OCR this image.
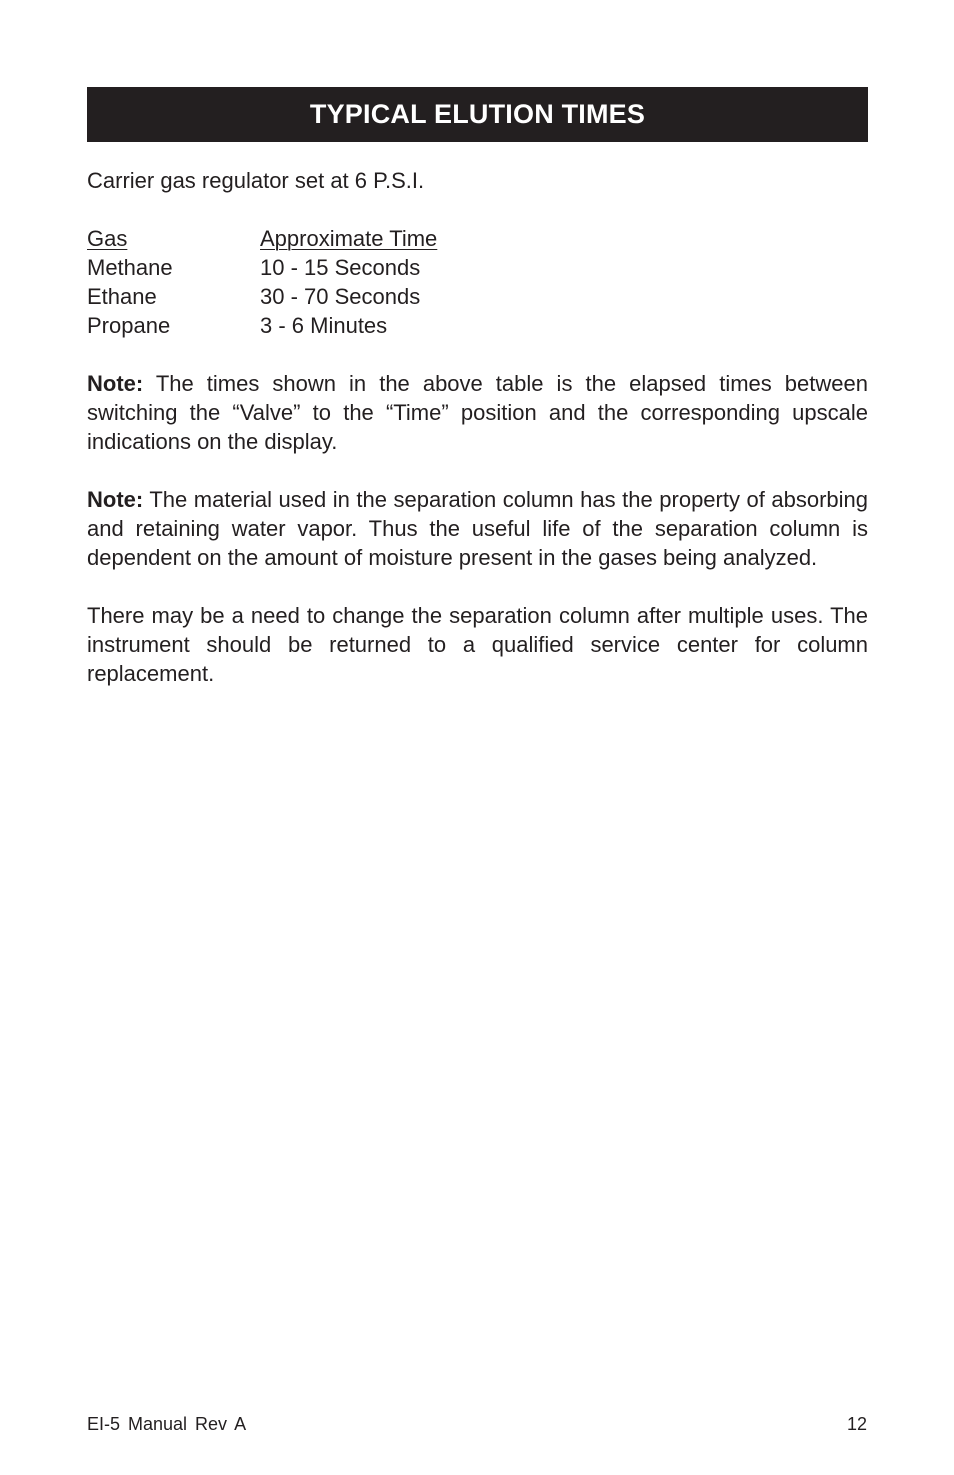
TYPICAL ELUTION TIMES

Carrier gas regulator set at 6 P.S.I.

Gas	Approximate Time
Methane	10 - 15 Seconds
Ethane	30 - 70 Seconds
Propane	3 - 6 Minutes

Note: The times shown in the above table is the elapsed times between switching the “Valve” to the “Time” position and the corresponding upscale indications on the display.

Note: The material used in the separation column has the property of absorbing and retaining water vapor. Thus the useful life of the separation column is dependent on the amount of moisture present in the gases being analyzed.

There may be a need to change the separation column after multiple uses. The instrument should be returned to a qualified service center for column replacement.

EI-5 Manual Rev A	12
